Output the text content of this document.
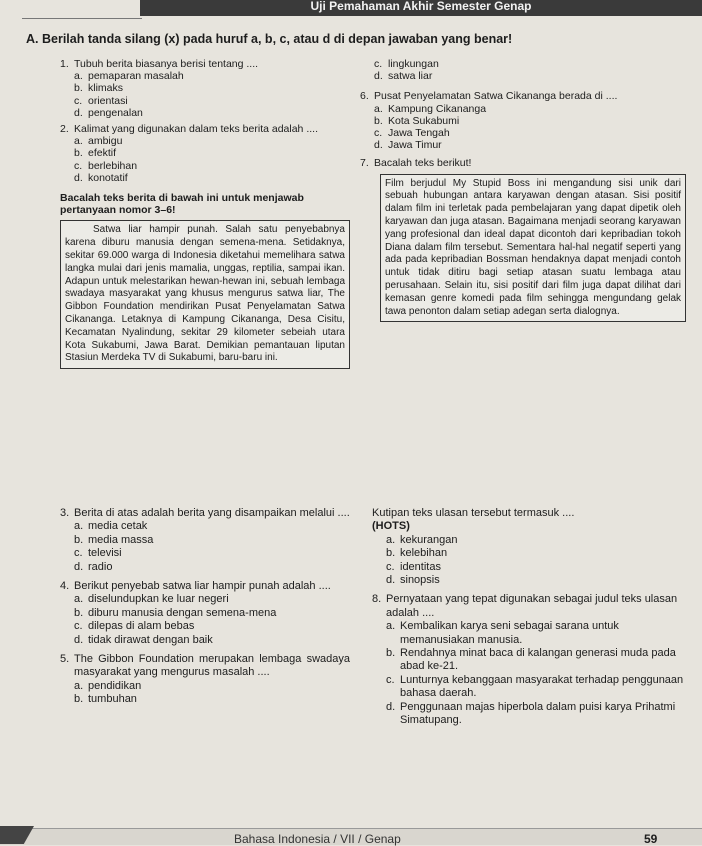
Uji Pemahaman Akhir Semester Genap
A. Berilah tanda silang (x) pada huruf a, b, c, atau d di depan jawaban yang benar!
1. Tubuh berita biasanya berisi tentang ....
a. pemaparan masalah
b. klimaks
c. orientasi
d. pengenalan
2. Kalimat yang digunakan dalam teks berita adalah ....
a. ambigu
b. efektif
c. berlebihan
d. konotatif
Bacalah teks berita di bawah ini untuk menjawab pertanyaan nomor 3–6!

Satwa liar hampir punah. Salah satu penyebabnya karena diburu manusia dengan semena-mena. Setidaknya, sekitar 69.000 warga di Indonesia diketahui memelihara satwa langka mulai dari jenis mamalia, unggas, reptilia, sampai ikan. Adapun untuk melestarikan hewan-hewan ini, sebuah lembaga swadaya masyarakat yang khusus mengurus satwa liar, The Gibbon Foundation mendirikan Pusat Penyelamatan Satwa Cikananga. Letaknya di Kampung Cikananga, Desa Cisitu, Kecamatan Nyalindung, sekitar 29 kilometer sebeiah utara Kota Sukabumi, Jawa Barat. Demikian pemantauan liputan Stasiun Merdeka TV di Sukabumi, baru-baru ini.

c. lingkungan
d. satwa liar
6. Pusat Penyelamatan Satwa Cikananga berada di ....
a. Kampung Cikananga
b. Kota Sukabumi
c. Jawa Tengah
d. Jawa Timur
7. Bacalah teks berikut!

Film berjudul My Stupid Boss ini mengandung sisi unik dari sebuah hubungan antara karyawan dengan atasan. Sisi positif dalam film ini terletak pada pembelajaran yang dapat dipetik oleh karyawan dan juga atasan. Bagaimana menjadi seorang karyawan yang profesional dan ideal dapat dicontoh dari kepribadian tokoh Diana dalam film tersebut. Sementara hal-hal negatif seperti yang ada pada kepribadian Bossman hendaknya dapat menjadi contoh untuk tidak ditiru bagi setiap atasan suatu lembaga atau perusahaan. Selain itu, sisi positif dari film juga dapat dilihat dari kemasan genre komedi pada film sehingga mengundang gelak tawa penonton dalam setiap adegan serta dialognya.

3. Berita di atas adalah berita yang disampaikan melalui ....
a. media cetak
b. media massa
c. televisi
d. radio
4. Berikut penyebab satwa liar hampir punah adalah ....
a. diselundupkan ke luar negeri
b. diburu manusia dengan semena-mena
c. dilepas di alam bebas
d. tidak dirawat dengan baik
5. The Gibbon Foundation merupakan lembaga swadaya masyarakat yang mengurus masalah ....
a. pendidikan
b. tumbuhan
Kutipan teks ulasan tersebut termasuk ....
(HOTS)
a. kekurangan
b. kelebihan
c. identitas
d. sinopsis
8. Pernyataan yang tepat digunakan sebagai judul teks ulasan adalah ....
a. Kembalikan karya seni sebagai sarana untuk memanusiakan manusia.
b. Rendahnya minat baca di kalangan generasi muda pada abad ke-21.
c. Lunturnya kebanggaan masyarakat terhadap penggunaan bahasa daerah.
d. Penggunaan majas hiperbola dalam puisi karya Prihatmi Simatupang.
Bahasa Indonesia / VII / Genap	59
